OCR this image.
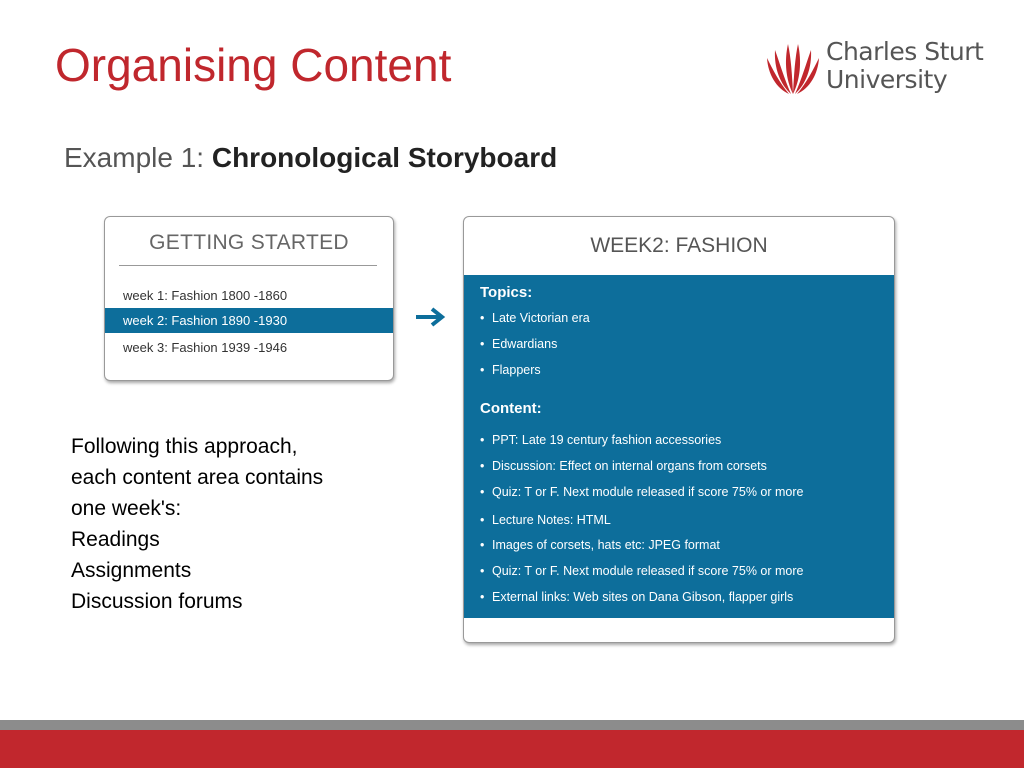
Organising Content	Charles Sturt
University
Example 1: Chronological Storyboard
GETTING STARTED
week 1: Fashion 1800 -1860
week 2: Fashion 1890 -1930
week 3: Fashion 1939 -1946
WEEK2: FASHION
Topics:
• Late Victorian era
• Edwardians
• Flappers
Content:
• PPT: Late 19 century fashion accessories
• Discussion: Effect on internal organs from corsets
• Quiz: T or F. Next module released if score 75% or more
• Lecture Notes: HTML
• Images of corsets, hats etc: JPEG format
• Quiz: T or F. Next module released if score 75% or more
• External links: Web sites on Dana Gibson, flapper girls
Following this approach,
each content area contains
one week's:
Readings
Assignments
Discussion forums
